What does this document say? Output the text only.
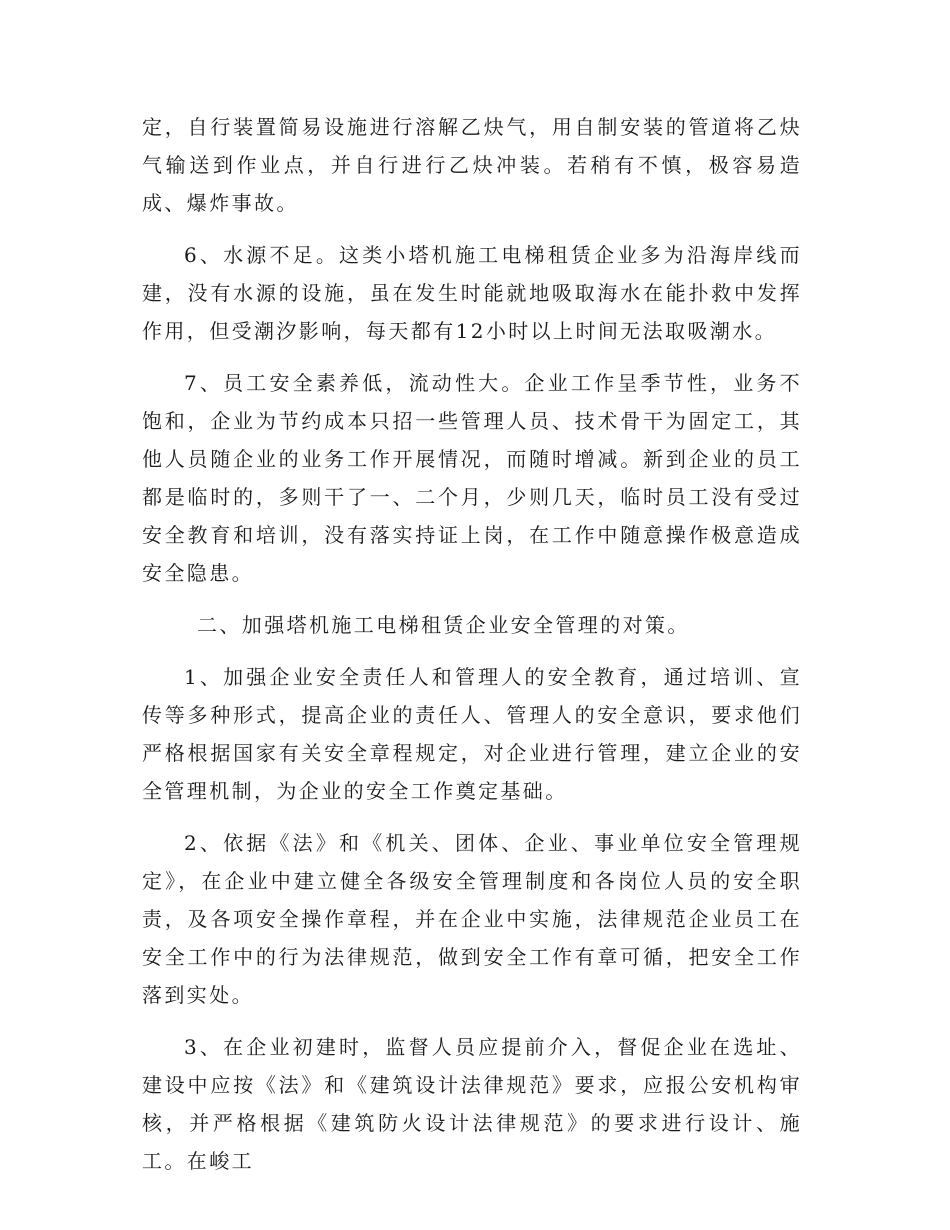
定，自行装置简易设施进行溶解乙炔气，用自制安装的管道将乙炔气输送到作业点，并自行进行乙炔冲装。若稍有不慎，极容易造成、爆炸事故。

6、水源不足。这类小塔机施工电梯租赁企业多为沿海岸线而建，没有水源的设施，虽在发生时能就地吸取海水在能扑救中发挥作用，但受潮汐影响，每天都有12小时以上时间无法取吸潮水。

7、员工安全素养低，流动性大。企业工作呈季节性，业务不饱和，企业为节约成本只招一些管理人员、技术骨干为固定工，其他人员随企业的业务工作开展情况，而随时增减。新到企业的员工都是临时的，多则干了一、二个月，少则几天，临时员工没有受过安全教育和培训，没有落实持证上岗，在工作中随意操作极意造成安全隐患。

二、加强塔机施工电梯租赁企业安全管理的对策。

1、加强企业安全责任人和管理人的安全教育，通过培训、宣传等多种形式，提高企业的责任人、管理人的安全意识，要求他们严格根据国家有关安全章程规定，对企业进行管理，建立企业的安全管理机制，为企业的安全工作奠定基础。

2、依据《法》和《机关、团体、企业、事业单位安全管理规定》，在企业中建立健全各级安全管理制度和各岗位人员的安全职责，及各项安全操作章程，并在企业中实施，法律规范企业员工在安全工作中的行为法律规范，做到安全工作有章可循，把安全工作落到实处。

3、在企业初建时，监督人员应提前介入，督促企业在选址、建设中应按《法》和《建筑设计法律规范》要求，应报公安机构审核，并严格根据《建筑防火设计法律规范》的要求进行设计、施工。在峻工
